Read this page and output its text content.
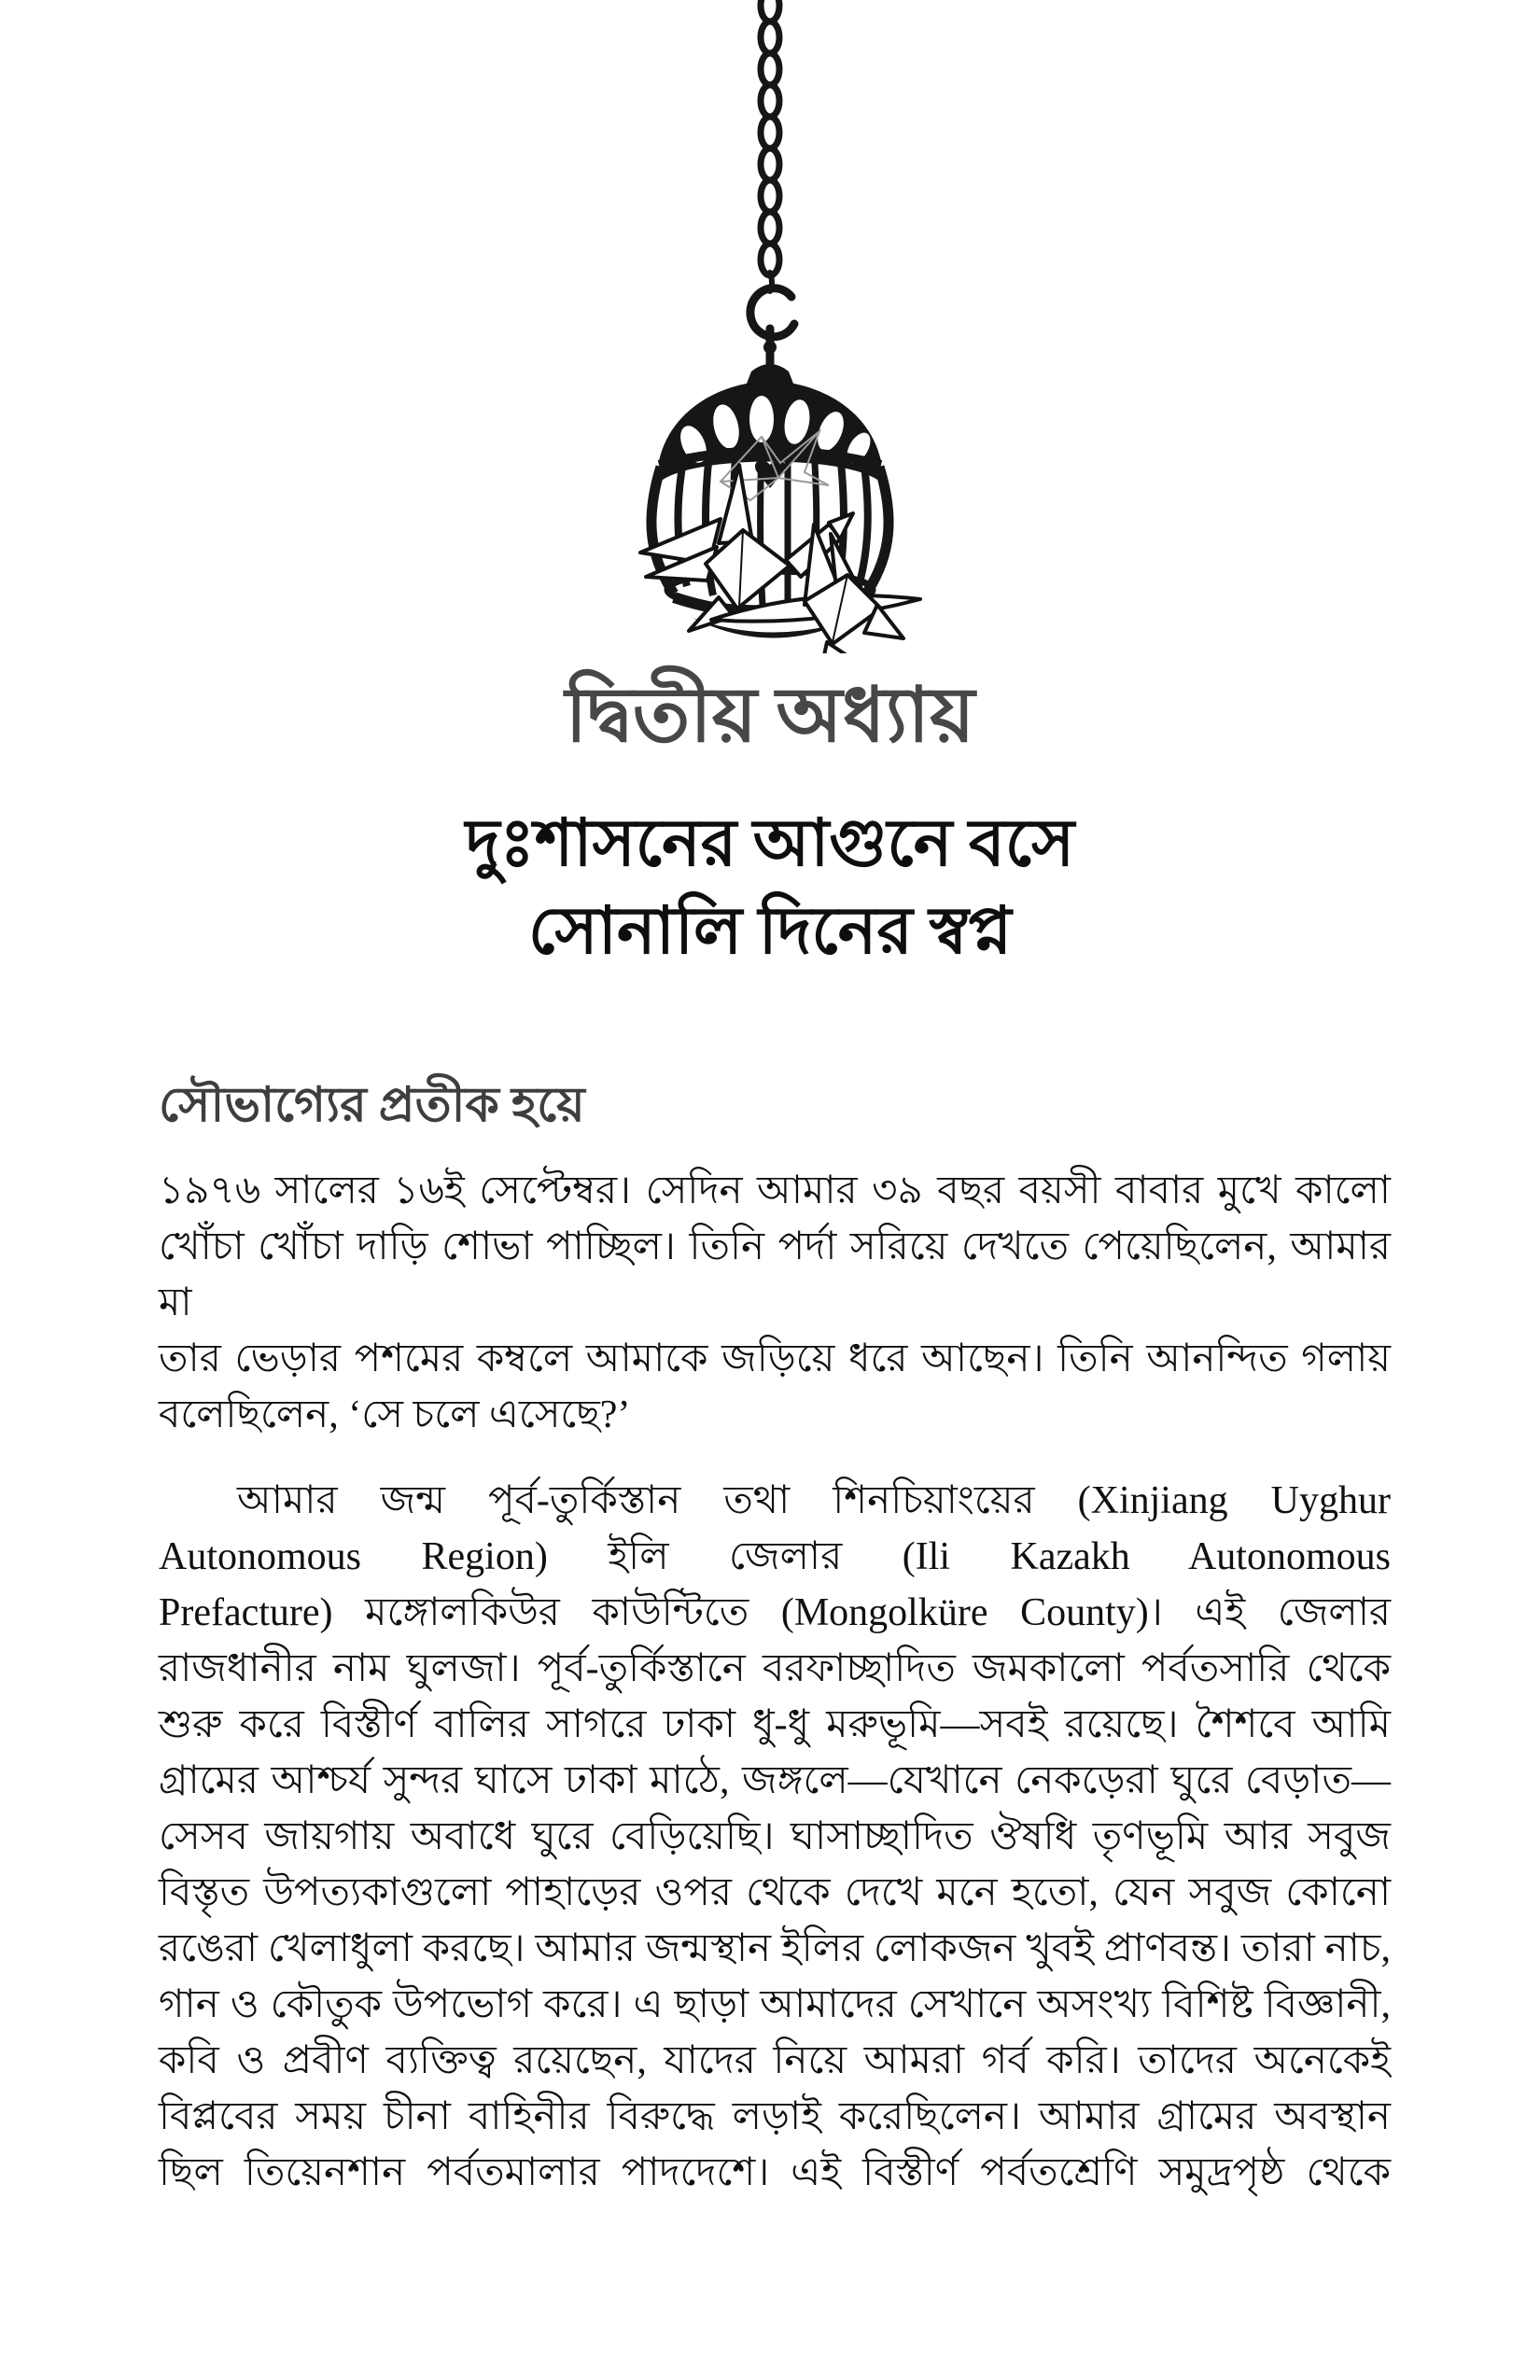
দ্বিতীয় অধ্যায়
দুঃশাসনের আগুনে বসে
সোনালি দিনের স্বপ্ন
সৌভাগ্যের প্রতীক হয়ে
১৯৭৬ সালের ১৬ই সেপ্টেম্বর। সেদিন আমার ৩৯ বছর বয়সী বাবার মুখে কালো
খোঁচা খোঁচা দাড়ি শোভা পাচ্ছিল। তিনি পর্দা সরিয়ে দেখতে পেয়েছিলেন, আমার মা
তার ভেড়ার পশমের কম্বলে আমাকে জড়িয়ে ধরে আছেন। তিনি আনন্দিত গলায়
বলেছিলেন, ‘সে চলে এসেছে?’
আমার জন্ম পূর্ব-তুর্কিস্তান তথা শিনচিয়াংয়ের (Xinjiang Uyghur
Autonomous Region) ইলি জেলার (Ili Kazakh Autonomous
Prefacture) মঙ্গোলকিউর কাউন্টিতে (Mongolküre County)। এই জেলার
রাজধানীর নাম ঘুলজা। পূর্ব-তুর্কিস্তানে বরফাচ্ছাদিত জমকালো পর্বতসারি থেকে
শুরু করে বিস্তীর্ণ বালির সাগরে ঢাকা ধু-ধু মরুভূমি—সবই রয়েছে। শৈশবে আমি
গ্রামের আশ্চর্য সুন্দর ঘাসে ঢাকা মাঠে, জঙ্গলে—যেখানে নেকড়েরা ঘুরে বেড়াত—
সেসব জায়গায় অবাধে ঘুরে বেড়িয়েছি। ঘাসাচ্ছাদিত ঔষধি তৃণভূমি আর সবুজ
বিস্তৃত উপত্যকাগুলো পাহাড়ের ওপর থেকে দেখে মনে হতো, যেন সবুজ কোনো
রঙেরা খেলাধুলা করছে। আমার জন্মস্থান ইলির লোকজন খুবই প্রাণবন্ত। তারা নাচ,
গান ও কৌতুক উপভোগ করে। এ ছাড়া আমাদের সেখানে অসংখ্য বিশিষ্ট বিজ্ঞানী,
কবি ও প্রবীণ ব্যক্তিত্ব রয়েছেন, যাদের নিয়ে আমরা গর্ব করি। তাদের অনেকেই
বিপ্লবের সময় চীনা বাহিনীর বিরুদ্ধে লড়াই করেছিলেন। আমার গ্রামের অবস্থান
ছিল তিয়েনশান পর্বতমালার পাদদেশে। এই বিস্তীর্ণ পর্বতশ্রেণি সমুদ্রপৃষ্ঠ থেকে
